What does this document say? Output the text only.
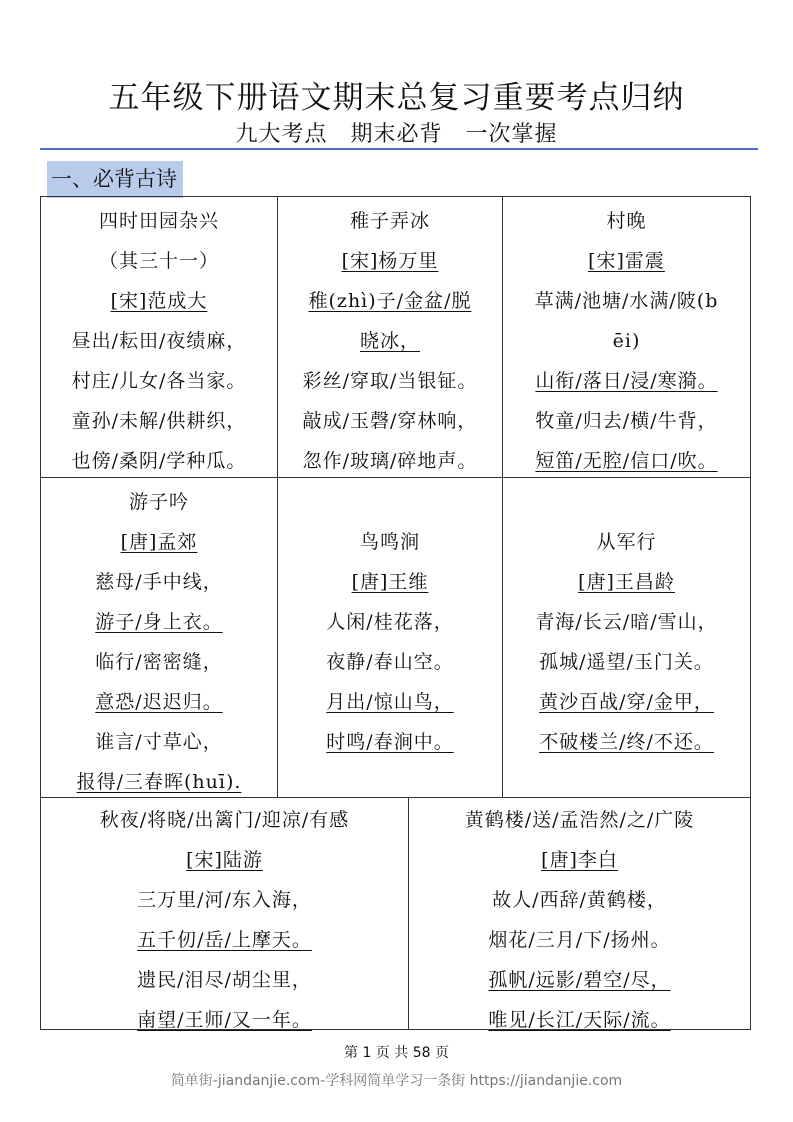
五年级下册语文期末总复习重要考点归纳
九大考点　期末必背　一次掌握
一、必背古诗
四时田园杂兴
（其三十一）
[宋]范成大
昼出/耘田/夜绩麻，
村庄/儿女/各当家。
童孙/未解/供耕织，
也傍/桑阴/学种瓜。
稚子弄冰
[宋]杨万里
稚(zhì)子/金盆/脱
晓冰，
彩丝/穿取/当银钲。
敲成/玉磬/穿林响，
忽作/玻璃/碎地声。
村晚
[宋]雷震
草满/池塘/水满/陂(b
ēi)
山衔/落日/浸/寒漪。
牧童/归去/横/牛背，
短笛/无腔/信口/吹。
游子吟
[唐]孟郊
慈母/手中线，
游子/身上衣。
临行/密密缝，
意恐/迟迟归。
谁言/寸草心，
报得/三春晖(huī).
鸟鸣涧
[唐]王维
人闲/桂花落，
夜静/春山空。
月出/惊山鸟，
时鸣/春涧中。
从军行
[唐]王昌龄
青海/长云/暗/雪山，
孤城/遥望/玉门关。
黄沙百战/穿/金甲，
不破楼兰/终/不还。
秋夜/将晓/出篱门/迎凉/有感
[宋]陆游
三万里/河/东入海，
五千仞/岳/上摩天。
遗民/泪尽/胡尘里，
南望/王师/又一年。
黄鹤楼/送/孟浩然/之/广陵
[唐]李白
故人/西辞/黄鹤楼，
烟花/三月/下/扬州。
孤帆/远影/碧空/尽，
唯见/长江/天际/流。
第 1 页 共 58 页
简单街-jiandanjie.com-学科网简单学习一条街 https://jiandanjie.com
